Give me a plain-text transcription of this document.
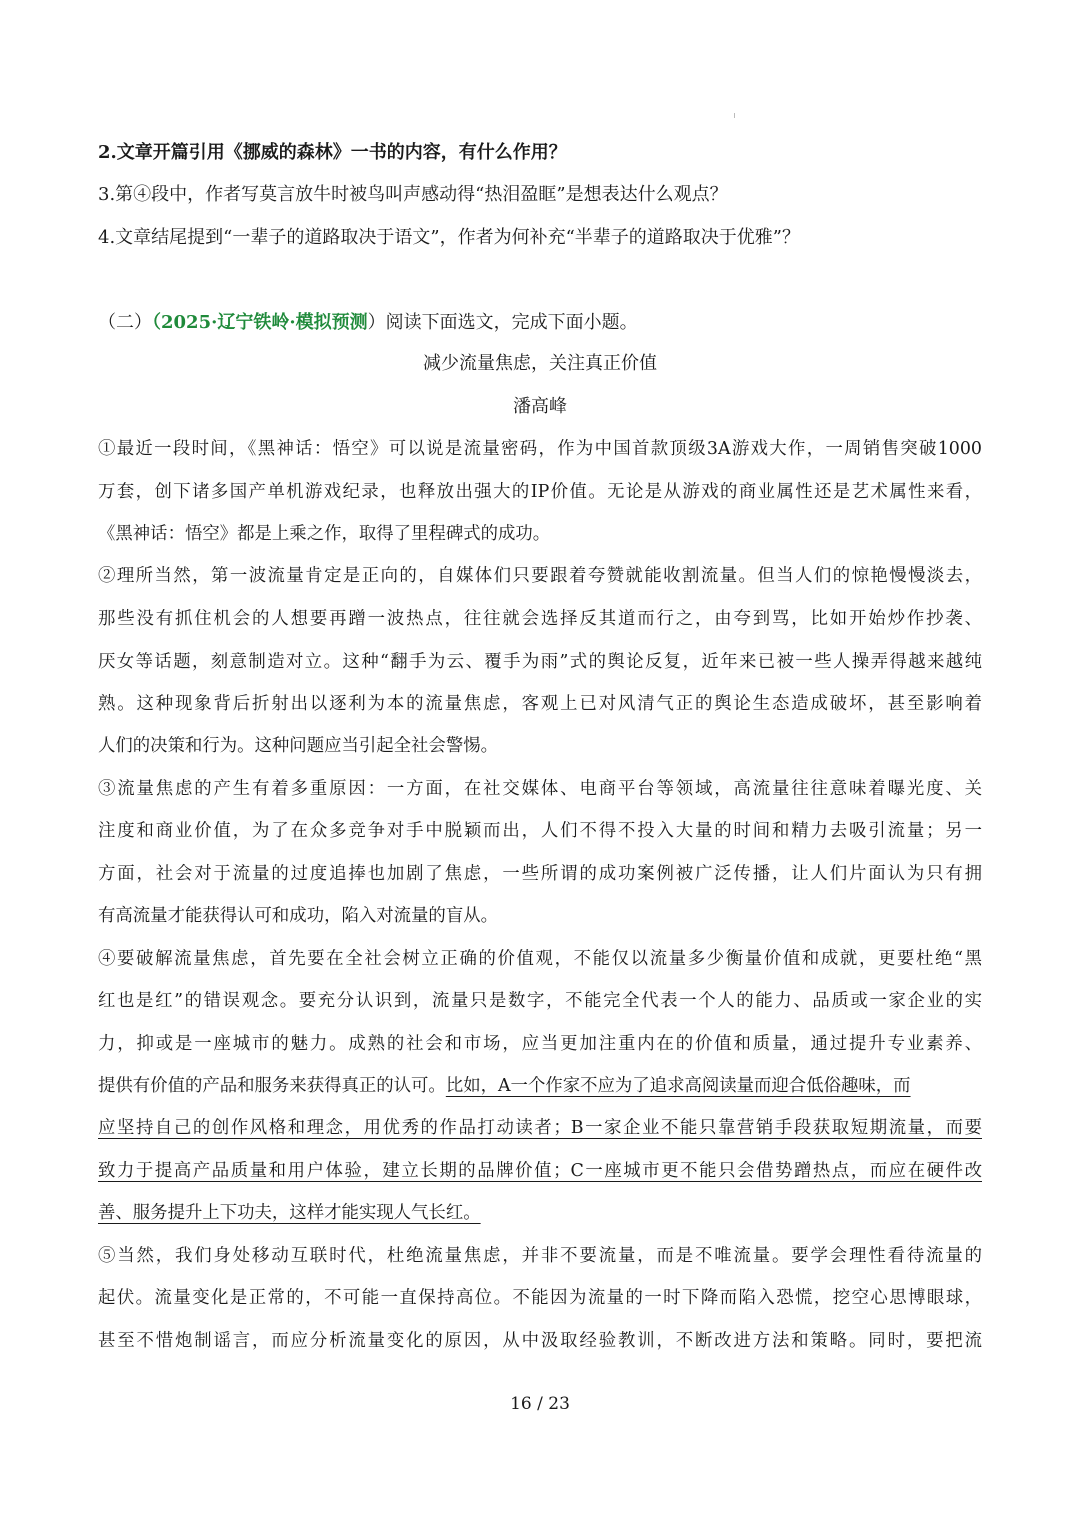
2.文章开篇引用《挪威的森林》一书的内容，有什么作用？
3.第④段中，作者写莫言放牛时被鸟叫声感动得“热泪盈眶”是想表达什么观点？
4.文章结尾提到“一辈子的道路取决于语文”，作者为何补充“半辈子的道路取决于优雅”？
（二）（2025·辽宁铁岭·模拟预测）阅读下面选文，完成下面小题。
减少流量焦虑，关注真正价值
潘高峰
①最近一段时间，《黑神话：悟空》可以说是流量密码，作为中国首款顶级3A游戏大作，一周销售突破1000
万套，创下诸多国产单机游戏纪录，也释放出强大的IP价值。无论是从游戏的商业属性还是艺术属性来看，
《黑神话：悟空》都是上乘之作，取得了里程碑式的成功。
②理所当然，第一波流量肯定是正向的，自媒体们只要跟着夸赞就能收割流量。但当人们的惊艳慢慢淡去，
那些没有抓住机会的人想要再蹭一波热点，往往就会选择反其道而行之，由夸到骂，比如开始炒作抄袭、
厌女等话题，刻意制造对立。这种“翻手为云、覆手为雨”式的舆论反复，近年来已被一些人操弄得越来越纯
熟。这种现象背后折射出以逐利为本的流量焦虑，客观上已对风清气正的舆论生态造成破坏，甚至影响着
人们的决策和行为。这种问题应当引起全社会警惕。
③流量焦虑的产生有着多重原因：一方面，在社交媒体、电商平台等领域，高流量往往意味着曝光度、关
注度和商业价值，为了在众多竞争对手中脱颖而出，人们不得不投入大量的时间和精力去吸引流量；另一
方面，社会对于流量的过度追捧也加剧了焦虑，一些所谓的成功案例被广泛传播，让人们片面认为只有拥
有高流量才能获得认可和成功，陷入对流量的盲从。
④要破解流量焦虑，首先要在全社会树立正确的价值观，不能仅以流量多少衡量价值和成就，更要杜绝“黑
红也是红”的错误观念。要充分认识到，流量只是数字，不能完全代表一个人的能力、品质或一家企业的实
力，抑或是一座城市的魅力。成熟的社会和市场，应当更加注重内在的价值和质量，通过提升专业素养、
提供有价值的产品和服务来获得真正的认可。比如，A一个作家不应为了追求高阅读量而迎合低俗趣味，而
应坚持自己的创作风格和理念，用优秀的作品打动读者；B一家企业不能只靠营销手段获取短期流量，而要
致力于提高产品质量和用户体验，建立长期的品牌价值；C一座城市更不能只会借势蹭热点，而应在硬件改
善、服务提升上下功夫，这样才能实现人气长红。
⑤当然，我们身处移动互联时代，杜绝流量焦虑，并非不要流量，而是不唯流量。要学会理性看待流量的
起伏。流量变化是正常的，不可能一直保持高位。不能因为流量的一时下降而陷入恐慌，挖空心思博眼球，
甚至不惜炮制谣言，而应分析流量变化的原因，从中汲取经验教训，不断改进方法和策略。同时，要把流
16 / 23
